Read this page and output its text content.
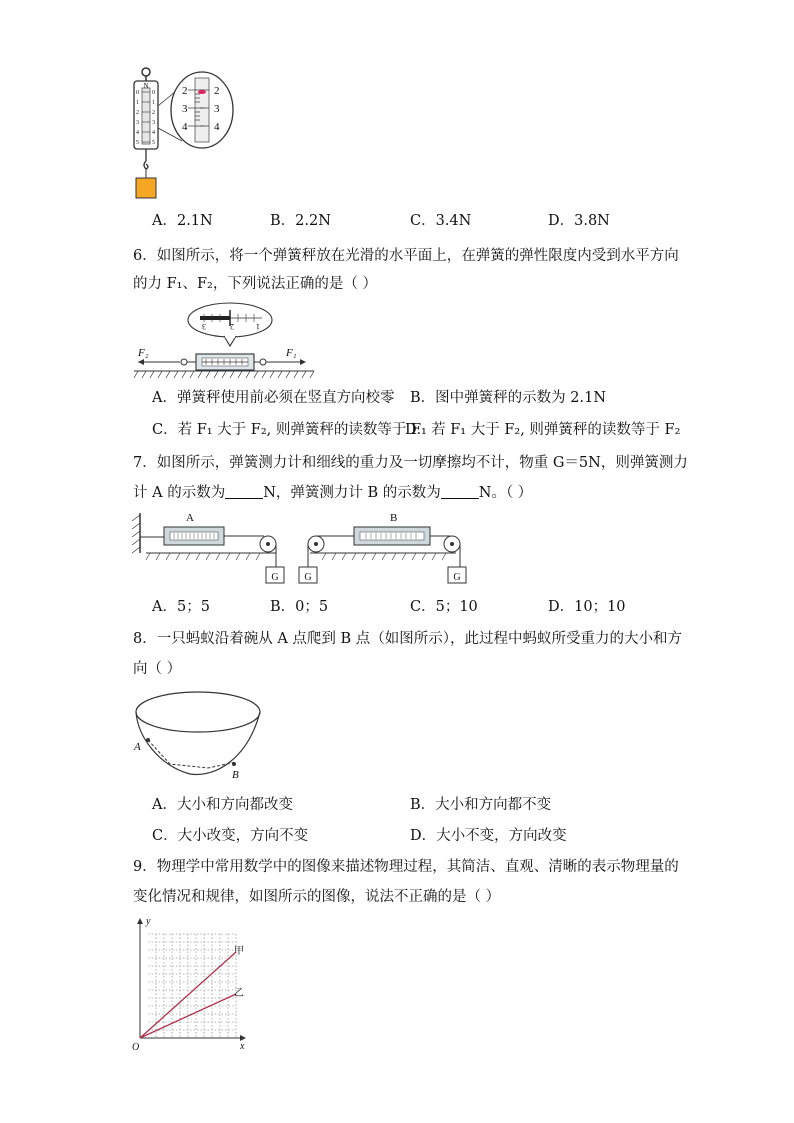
N
0
1
2
3
4
5
0
1
2
3
4
5
2
3
4
2
3
4
A．2.1N	B．2.2N	C．3.4N	D．3.8N
6．如图所示，将一个弹簧秤放在光滑的水平面上，在弹簧的弹性限度内受到水平方向
的力 F₁、F₂，下列说法正确的是（ ）
3	2	1
F₂	F₁
A．弹簧秤使用前必须在竖直方向校零 B．图中弹簧秤的示数为 2.1N
C．若 F₁ 大于 F₂, 则弹簧秤的读数等于 F₁
D．若 F₁ 大于 F₂, 则弹簧秤的读数等于 F₂
7．如图所示，弹簧测力计和细线的重力及一切摩擦均不计，物重 G＝5N，则弹簧测力
计 A 的示数为	N，弹簧测力计 B 的示数为	N。（ ）
A
G
B
G	G
A．5；5	B．0；5	C．5；10	D．10；10
8．一只蚂蚁沿着碗从 A 点爬到 B 点（如图所示），此过程中蚂蚁所受重力的大小和方
向（ ）
A
B
A．大小和方向都改变	B．大小和方向都不变
C．大小改变，方向不变	D．大小不变，方向改变
9．物理学中常用数学中的图像来描述物理过程，其简洁、直观、清晰的表示物理量的
变化情况和规律，如图所示的图像，说法不正确的是（ ）
y
x
O
甲
乙
